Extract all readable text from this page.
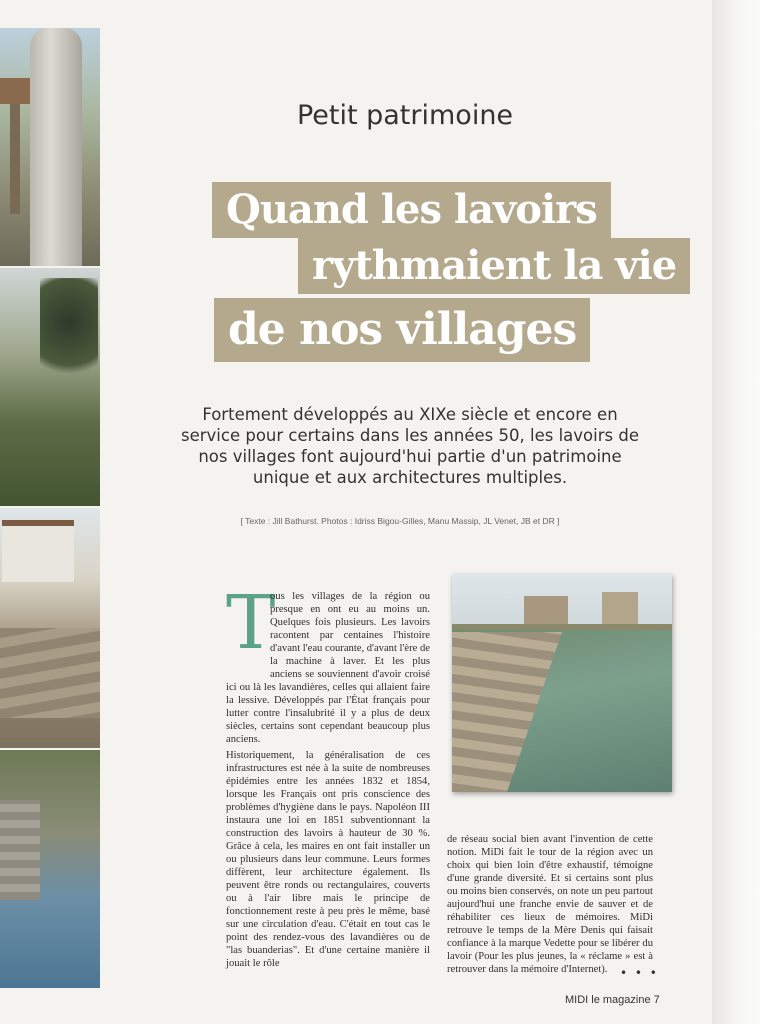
Petit patrimoine

Quand les lavoirs
rythmaient la vie
de nos villages

Fortement développés au XIXe siècle et encore en service pour certains dans les années 50, les lavoirs de nos villages font aujourd'hui partie d'un patrimoine unique et aux architectures multiples.

[ Texte : Jill Bathurst. Photos : Idriss Bigou-Gilles, Manu Massip, JL Venet, JB et DR ]

T

ous les villages de la région ou presque en ont eu au moins un. Quelques fois plusieurs. Les lavoirs racontent par centaines l'histoire d'avant l'eau courante, d'avant l'ère de la machine à laver. Et les plus anciens se souviennent d'avoir croisé ici ou là les lavandières, celles qui allaient faire la lessive. Développés par l'État français pour lutter contre l'insalubrité il y a plus de deux siècles, certains sont cependant beaucoup plus anciens.

Historiquement, la généralisation de ces infrastructures est née à la suite de nombreuses épidémies entre les années 1832 et 1854, lorsque les Français ont pris conscience des problèmes d'hygiène dans le pays. Napoléon III instaura une loi en 1851 subventionnant la construction des lavoirs à hauteur de 30 %. Grâce à cela, les maires en ont fait installer un ou plusieurs dans leur commune. Leurs formes diffèrent, leur architecture également. Ils peuvent être ronds ou rectangulaires, couverts ou à l'air libre mais le principe de fonctionnement reste à peu près le même, basé sur une circulation d'eau. C'était en tout cas le point des rendez-vous des lavandières ou de "las buanderias". Et d'une certaine manière il jouait le rôle

de réseau social bien avant l'invention de cette notion. MiDi fait le tour de la région avec un choix qui bien loin d'être exhaustif, témoigne d'une grande diversité. Et si certains sont plus ou moins bien conservés, on note un peu partout aujourd'hui une franche envie de sauver et de réhabiliter ces lieux de mémoires. MiDi retrouve le temps de la Mère Denis qui faisait confiance à la marque Vedette pour se libérer du lavoir (Pour les plus jeunes, la « réclame » est à retrouver dans la mémoire d'Internet).	• • •

MIDI le magazine 7
